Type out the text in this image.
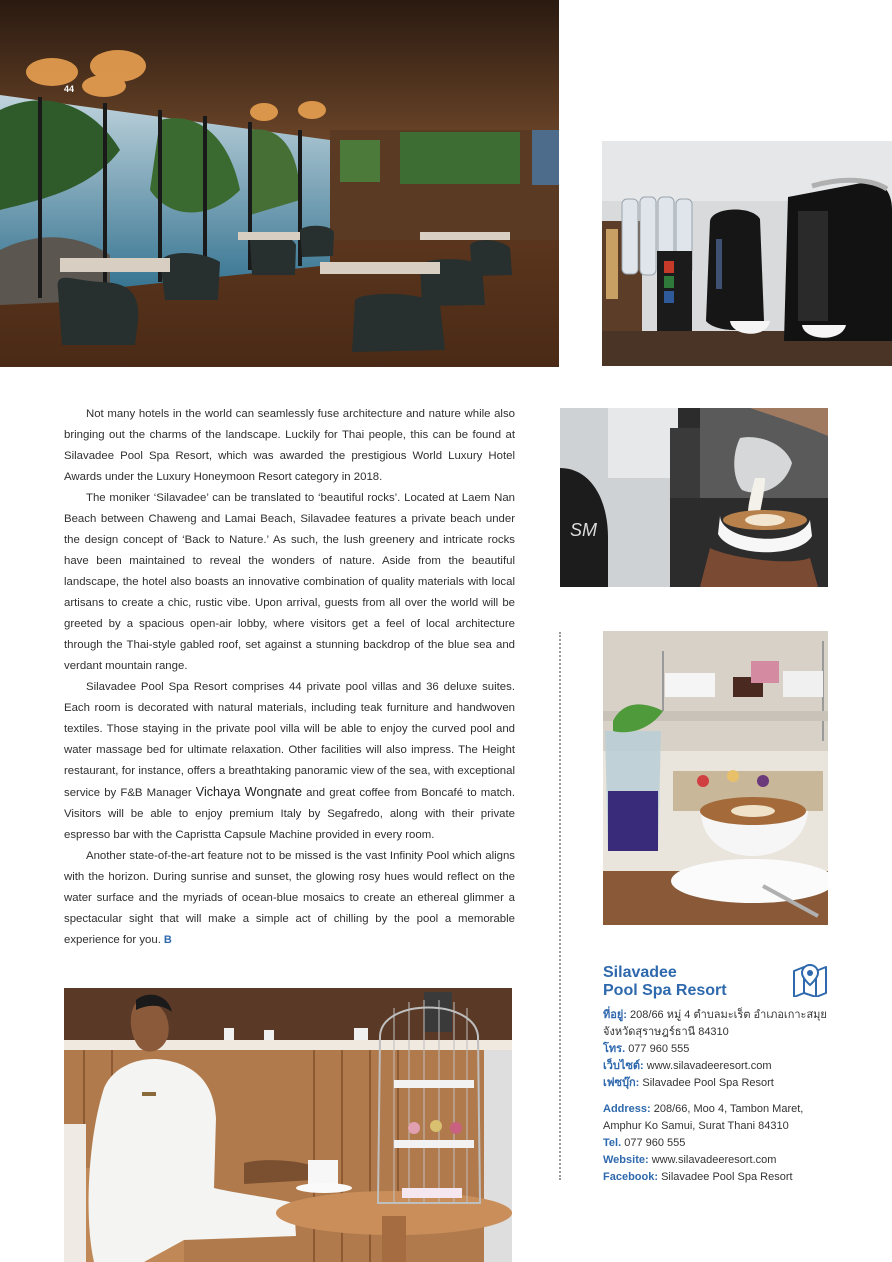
44
SM

Not many hotels in the world can seamlessly fuse architecture and nature while also bringing out the charms of the landscape. Luckily for Thai people, this can be found at Silavadee Pool Spa Resort, which was awarded the prestigious World Luxury Hotel Awards under the Luxury Honeymoon Resort category in 2018.

The moniker ‘Silavadee’ can be translated to ‘beautiful rocks’. Located at Laem Nan Beach between Chaweng and Lamai Beach, Silavadee features a private beach under the design concept of ‘Back to Nature.’ As such, the lush greenery and intricate rocks have been maintained to reveal the wonders of nature. Aside from the beautiful landscape, the hotel also boasts an innovative combination of quality materials with local artisans to create a chic, rustic vibe. Upon arrival, guests from all over the world will be greeted by a spacious open-air lobby, where visitors get a feel of local architecture through the Thai-style gabled roof, set against a stunning backdrop of the blue sea and verdant mountain range.

Silavadee Pool Spa Resort comprises 44 private pool villas and 36 deluxe suites. Each room is decorated with natural materials, including teak furniture and handwoven textiles. Those staying in the private pool villa will be able to enjoy the curved pool and water massage bed for ultimate relaxation. Other facilities will also impress. The Height restaurant, for instance, offers a breathtaking panoramic view of the sea, with exceptional service by F&B Manager Vichaya Wongnate and great coffee from Boncafé to match. Visitors will be able to enjoy premium Italy by Segafredo, along with their private espresso bar with the Capristta Capsule Machine provided in every room.

Another state-of-the-art feature not to be missed is the vast Infinity Pool which aligns with the horizon. During sunrise and sunset, the glowing rosy hues would reflect on the water surface and the myriads of ocean-blue mosaics to create an ethereal glimmer a spectacular sight that will make a simple act of chilling by the pool a memorable experience for you. B

Silavadee
Pool Spa Resort
ที่อยู่: 208/66 หมู่ 4 ตำบลมะเร็ต อำเภอเกาะสมุย
จังหวัดสุราษฎร์ธานี 84310
โทร. 077 960 555
เว็บไซต์: www.silavadeeresort.com
เฟซบุ๊ก: Silavadee Pool Spa Resort
Address: 208/66, Moo 4, Tambon Maret,
Amphur Ko Samui, Surat Thani 84310
Tel. 077 960 555
Website: www.silavadeeresort.com
Facebook: Silavadee Pool Spa Resort
